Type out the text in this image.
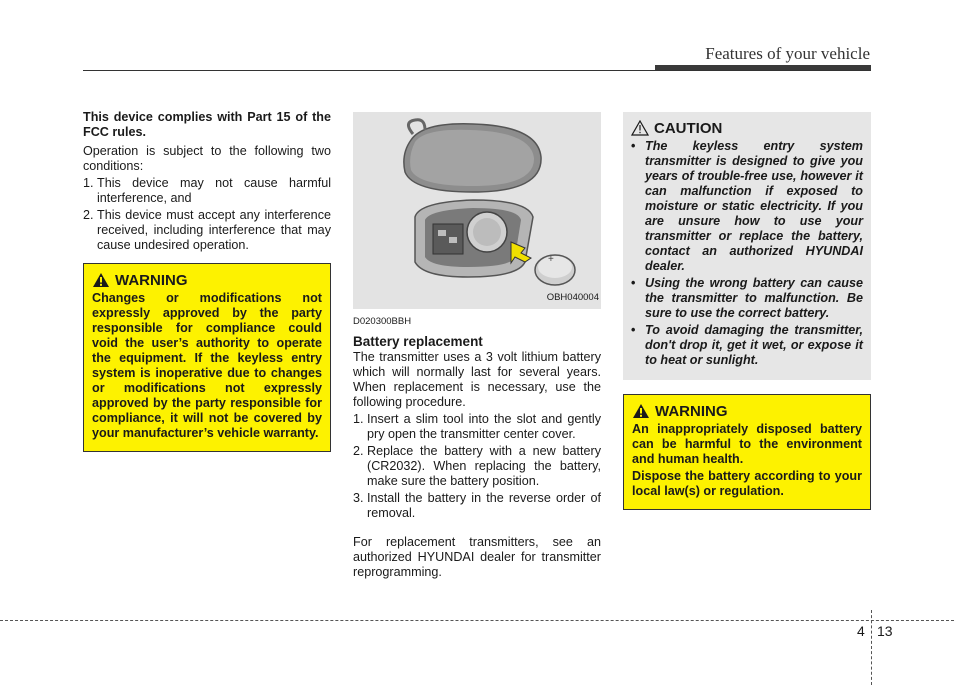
Features of your vehicle

This device complies with Part 15 of the FCC rules.

Operation is subject to the following two conditions:

1. This device may not cause harmful interference, and
2. This device must accept any interference received, including interference that may cause undesired operation.
WARNING
Changes or modifications not expressly approved by the party responsible for compliance could void the user’s authority to operate the equipment. If the keyless entry system is inoperative due to changes or modifications not expressly approved by the party responsible for compliance, it will not be covered by your manufacturer’s vehicle warranty.
+
OBH040004
D020300BBH
Battery replacement

The transmitter uses a 3 volt lithium battery which will normally last for several years. When replacement is necessary, use the following procedure.

1. Insert a slim tool into the slot and gently pry open the transmitter center cover.
2. Replace the battery with a new battery (CR2032). When replacing the battery, make sure the battery position.
3. Install the battery in the reverse order of removal.

For replacement transmitters, see an authorized HYUNDAI dealer for transmitter reprogramming.

CAUTION
• The keyless entry system transmitter is designed to give you years of trouble-free use, however it can malfunction if exposed to moisture or static electricity. If you are unsure how to use your transmitter or replace the battery, contact an authorized HYUNDAI dealer.
• Using the wrong battery can cause the transmitter to malfunction. Be sure to use the correct battery.
• To avoid damaging the transmitter, don't drop it, get it wet, or expose it to heat or sunlight.
WARNING
An inappropriately disposed battery can be harmful to the environment and human health.
Dispose the battery according to your local law(s) or regulation.
4 13
